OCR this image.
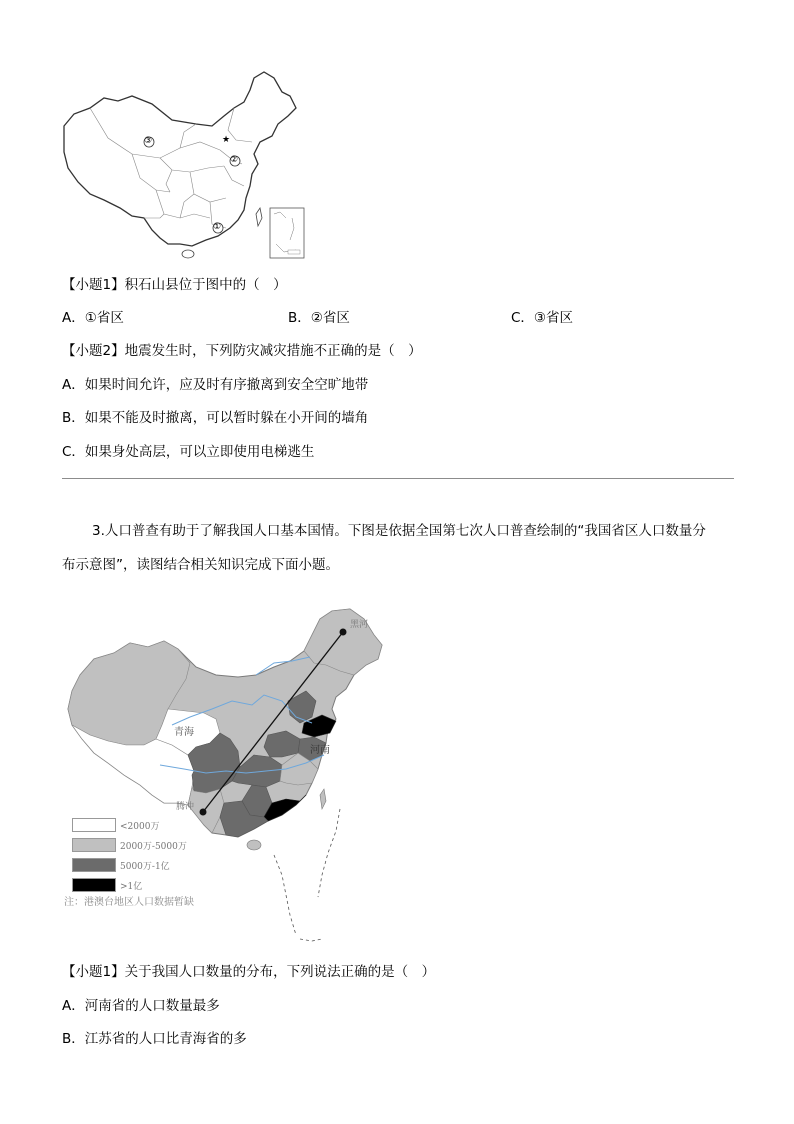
③
②
①
★
【小题1】积石山县位于图中的（　）
A．①省区	B．②省区	C．③省区
【小题2】地震发生时，下列防灾减灾措施不正确的是（　）
A．如果时间允许，应及时有序撤离到安全空旷地带
B．如果不能及时撤离，可以暂时躲在小开间的墙角
C．如果身处高层，可以立即使用电梯逃生
3.人口普查有助于了解我国人口基本国情。下图是依据全国第七次人口普查绘制的“我国省区人口数量分
布示意图”，读图结合相关知识完成下面小题。
青海
河南
黑河
腾冲
<2000万
2000万-5000万
5000万-1亿
>1亿
注：港澳台地区人口数据暂缺
【小题1】关于我国人口数量的分布，下列说法正确的是（　）
A．河南省的人口数量最多
B．江苏省的人口比青海省的多
